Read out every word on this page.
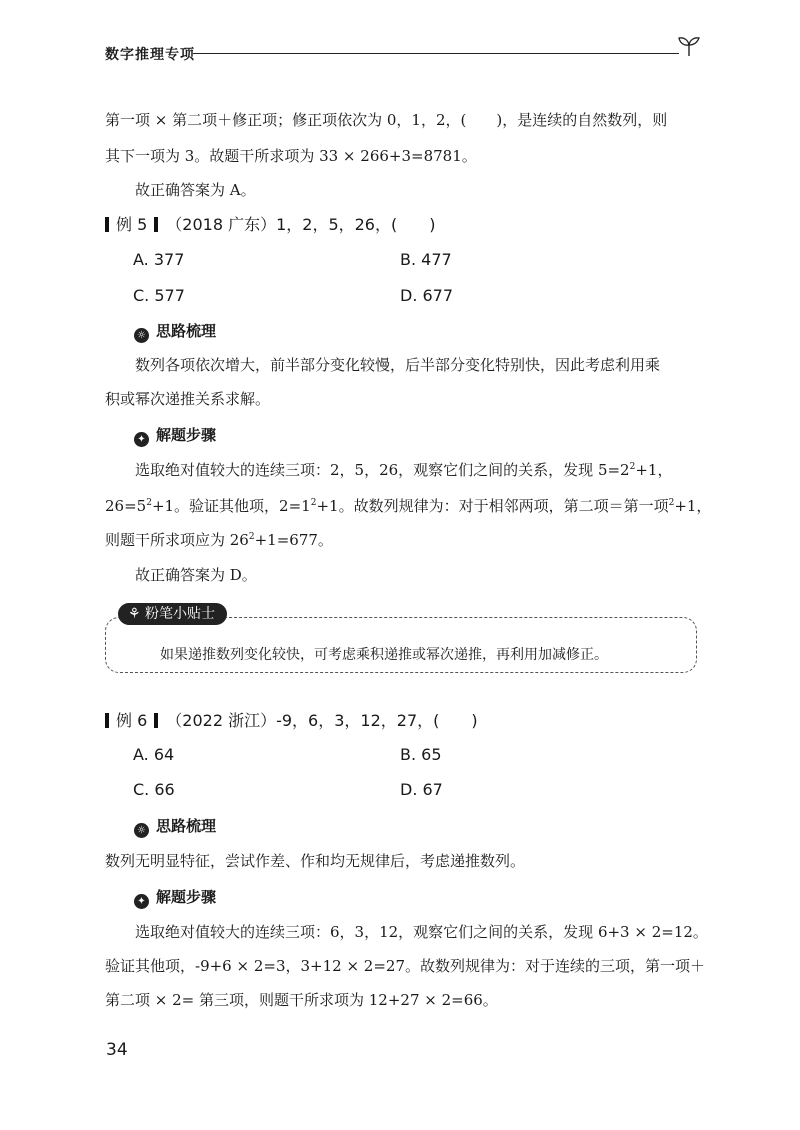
数字推理专项
第一项 × 第二项＋修正项；修正项依次为 0，1，2，(　　)，是连续的自然数列，则
其下一项为 3。故题干所求项为 33 × 266+3=8781。
故正确答案为 A。
例 5 （2018 广东）1，2，5，26，(　　)
A. 377	B. 477
C. 577	D. 677
☼ 思路梳理
数列各项依次增大，前半部分变化较慢，后半部分变化特别快，因此考虑利用乘
积或幂次递推关系求解。
✦ 解题步骤
选取绝对值较大的连续三项：2，5，26，观察它们之间的关系，发现 $5=2^2+1$，
$26=5^2+1$。验证其他项，$2=1^2+1$。故数列规律为：对于相邻两项，第二项＝第一项$^2$+1，
则题干所求项应为 $26^2+1=677$。
故正确答案为 D。
⚘ 粉笔小贴士
如果递推数列变化较快，可考虑乘积递推或幂次递推，再利用加减修正。
例 6 （2022 浙江）-9，6，3，12，27，(　　)
A. 64	B. 65
C. 66	D. 67
☼ 思路梳理
数列无明显特征，尝试作差、作和均无规律后，考虑递推数列。
✦ 解题步骤
选取绝对值较大的连续三项：6，3，12，观察它们之间的关系，发现 6+3 × 2=12。
验证其他项，-9+6 × 2=3，3+12 × 2=27。故数列规律为：对于连续的三项，第一项＋
第二项 × 2= 第三项，则题干所求项为 12+27 × 2=66。
34
